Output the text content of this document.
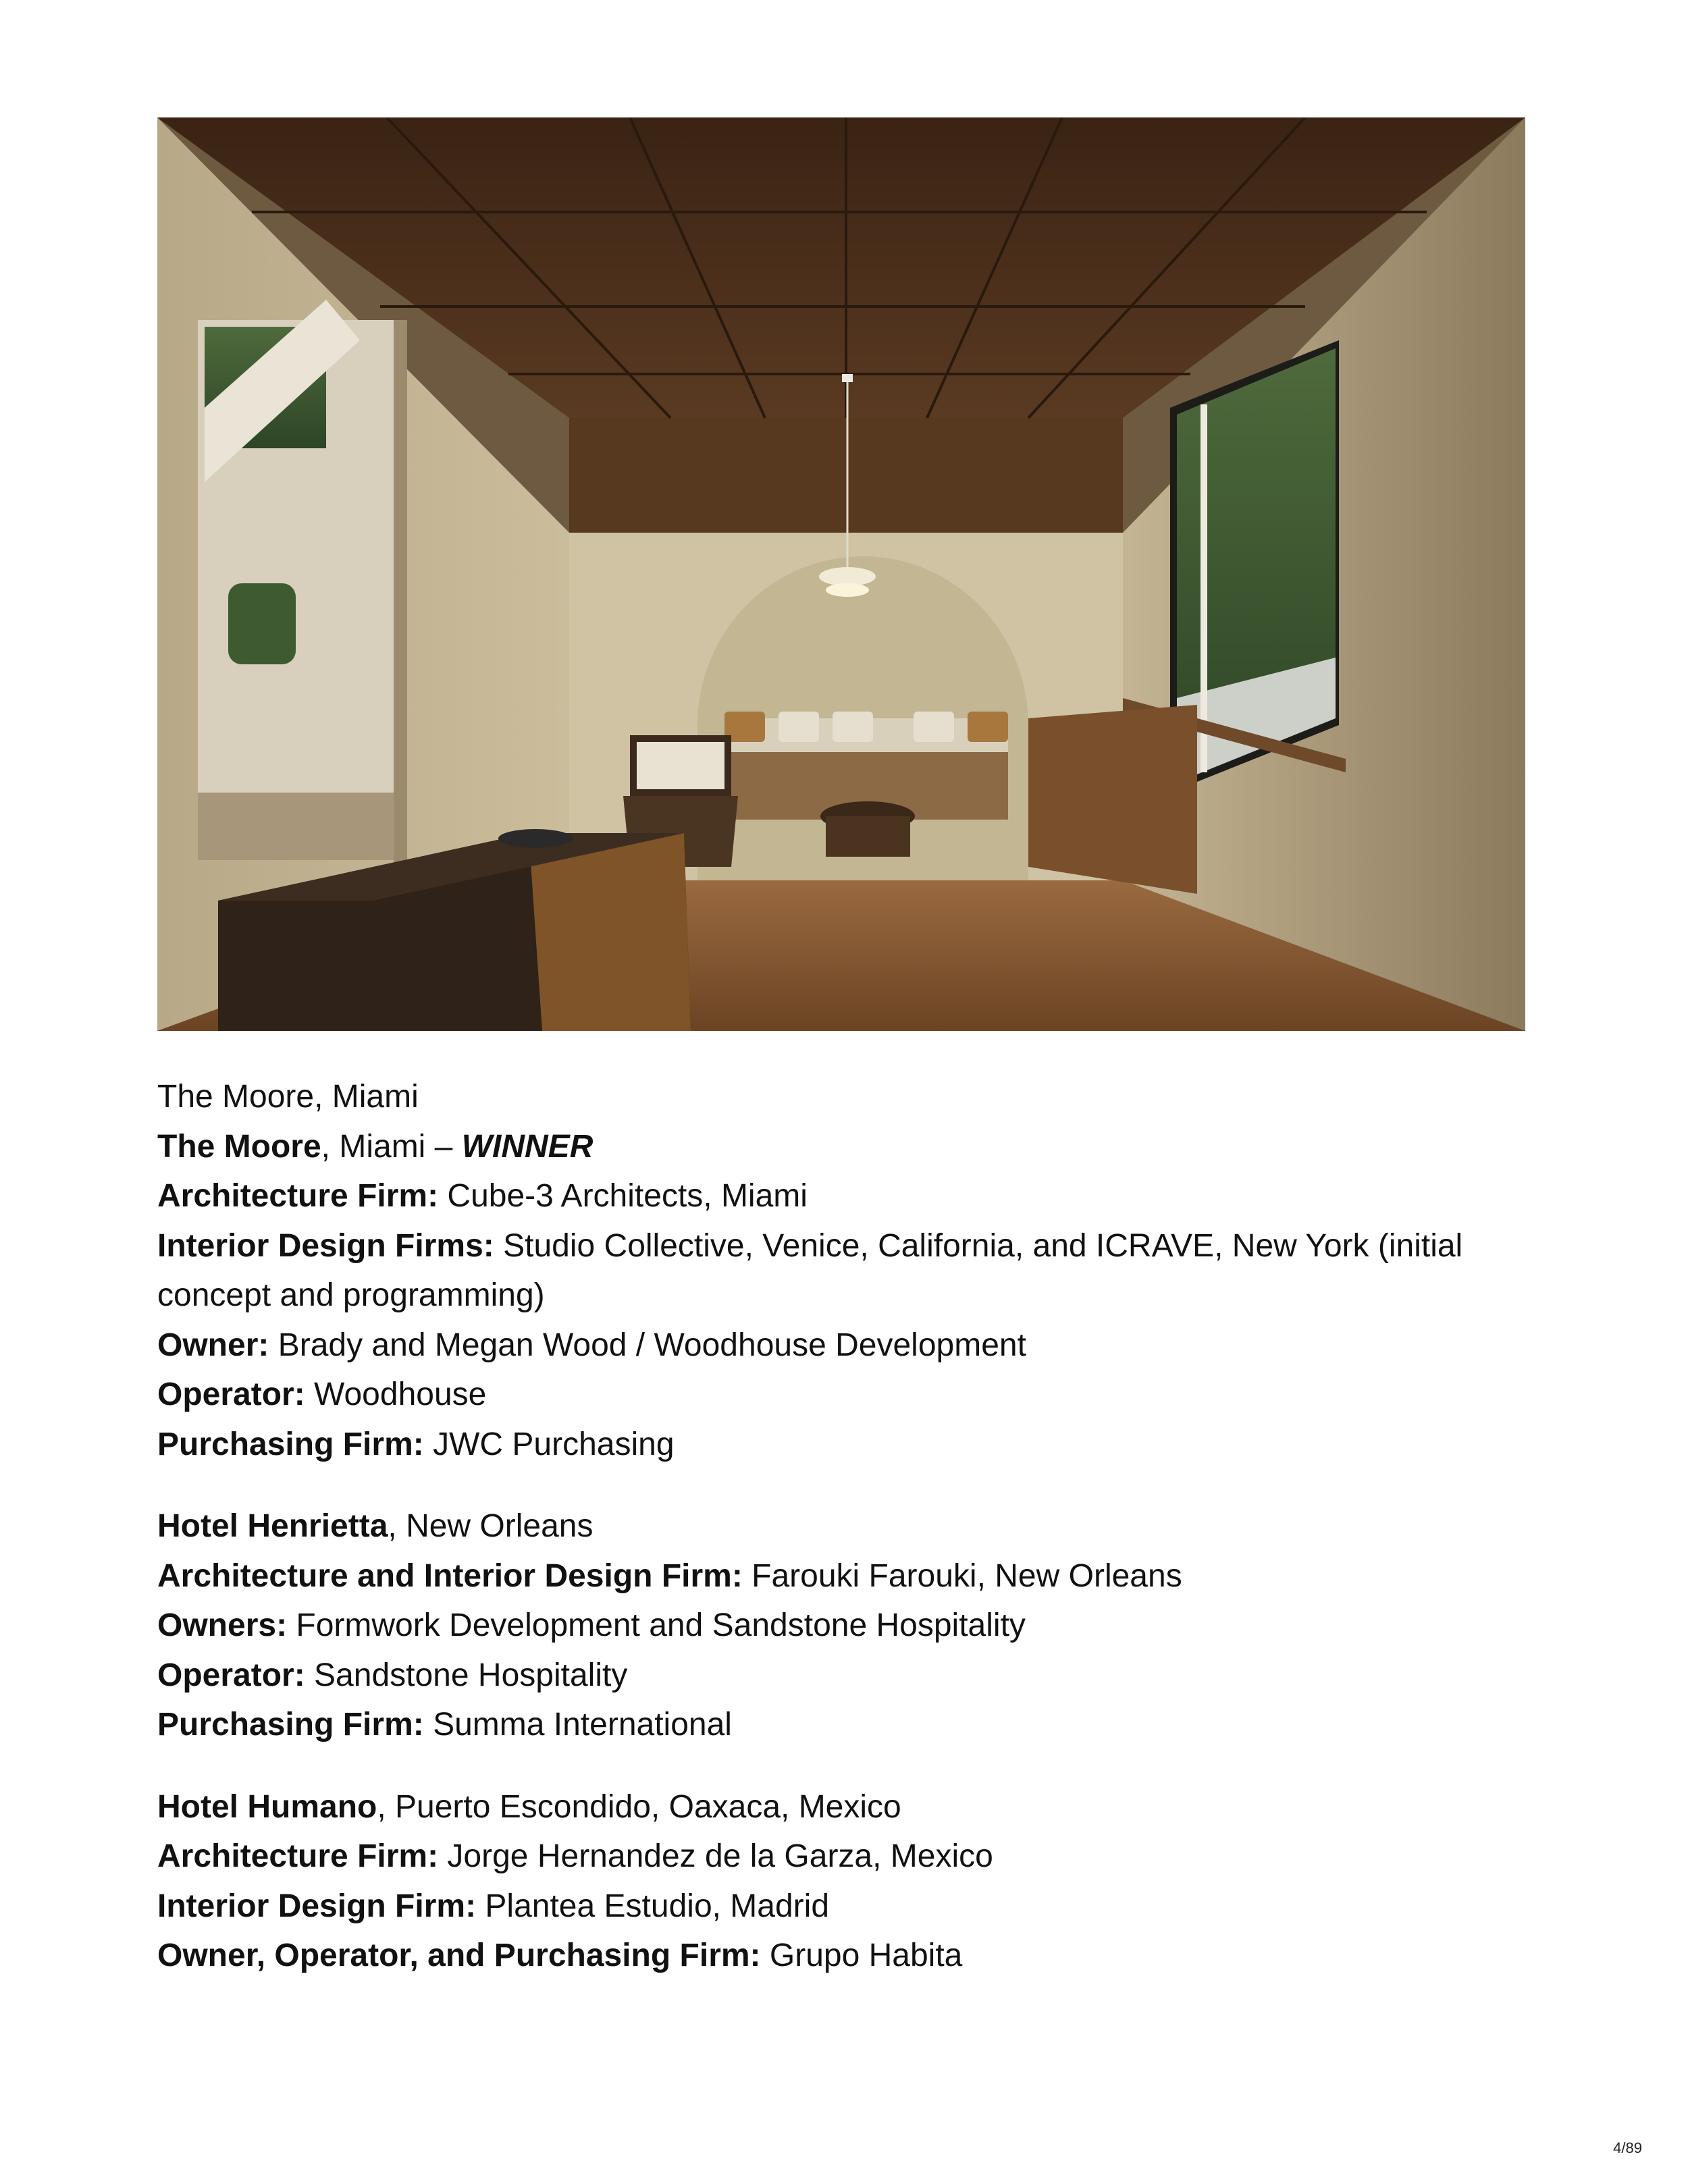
The Moore, Miami
The Moore, Miami – WINNER
Architecture Firm: Cube-3 Architects, Miami
Interior Design Firms: Studio Collective, Venice, California, and ICRAVE, New York (initial concept and programming)
Owner: Brady and Megan Wood / Woodhouse Development
Operator: Woodhouse
Purchasing Firm: JWC Purchasing
Hotel Henrietta, New Orleans
Architecture and Interior Design Firm: Farouki Farouki, New Orleans
Owners: Formwork Development and Sandstone Hospitality
Operator: Sandstone Hospitality
Purchasing Firm: Summa International
Hotel Humano, Puerto Escondido, Oaxaca, Mexico
Architecture Firm: Jorge Hernandez de la Garza, Mexico
Interior Design Firm: Plantea Estudio, Madrid
Owner, Operator, and Purchasing Firm: Grupo Habita
4/89
